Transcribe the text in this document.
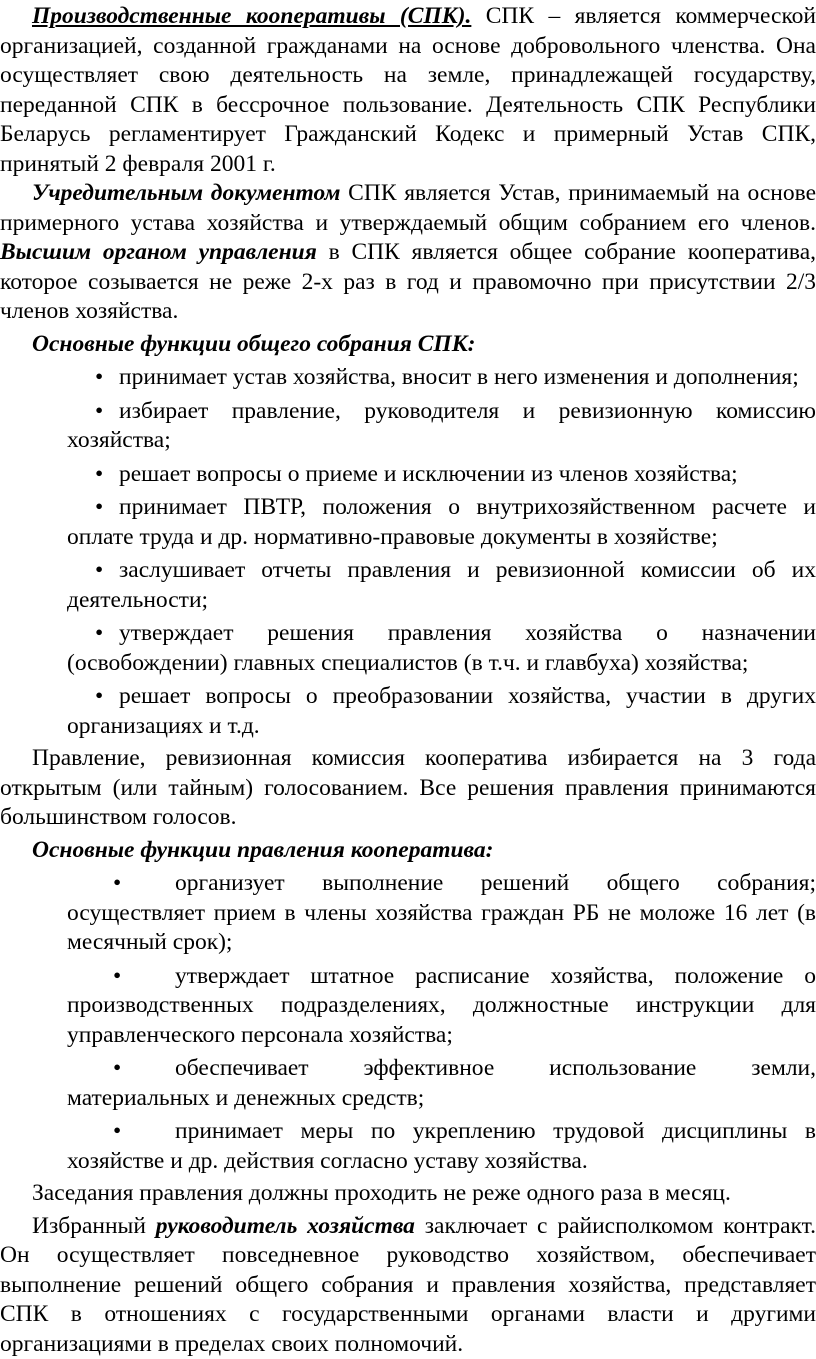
Производственные кооперативы (СПК). СПК – является коммерческой организацией, созданной гражданами на основе добровольного членства. Она осуществляет свою деятельность на земле, принадлежащей государству, переданной СПК в бессрочное пользование. Деятельность СПК Республики Беларусь регламентирует Гражданский Кодекс и примерный Устав СПК, принятый 2 февраля 2001 г.

Учредительным документом СПК является Устав, принимаемый на основе примерного устава хозяйства и утверждаемый общим собранием его членов. Высшим органом управления в СПК является общее собрание кооператива, которое созывается не реже 2-х раз в год и правомочно при присутствии 2/3 членов хозяйства.

Основные функции общего собрания СПК:

• принимает устав хозяйства, вносит в него изменения и дополнения;

• избирает правление, руководителя и ревизионную комиссию хозяйства;

• решает вопросы о приеме и исключении из членов хозяйства;

• принимает ПВТР, положения о внутрихозяйственном расчете и оплате труда и др. нормативно-правовые документы в хозяйстве;

• заслушивает отчеты правления и ревизионной комиссии об их деятельности;

• утверждает решения правления хозяйства о назначении (освобождении) главных специалистов (в т.ч. и главбуха) хозяйства;

• решает вопросы о преобразовании хозяйства, участии в других организациях и т.д.

Правление, ревизионная комиссия кооператива избирается на 3 года открытым (или тайным) голосованием. Все решения правления принимаются большинством голосов.

Основные функции правления кооператива:

• организует выполнение решений общего собрания; осуществляет прием в члены хозяйства граждан РБ не моложе 16 лет (в месячный срок);

• утверждает штатное расписание хозяйства, положение о производственных подразделениях, должностные инструкции для управленческого персонала хозяйства;

• обеспечивает эффективное использование земли, материальных и денежных средств;

• принимает меры по укреплению трудовой дисциплины в хозяйстве и др. действия согласно уставу хозяйства.

Заседания правления должны проходить не реже одного раза в месяц.

Избранный руководитель хозяйства заключает с райисполкомом контракт. Он осуществляет повседневное руководство хозяйством, обеспечивает выполнение решений общего собрания и правления хозяйства, представляет СПК в отношениях с государственными органами власти и другими организациями в пределах своих полномочий.
